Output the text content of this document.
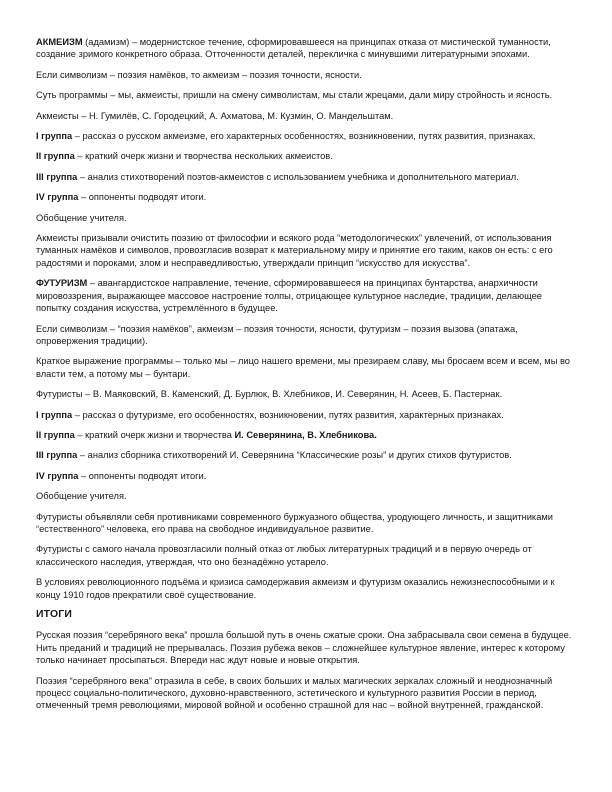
АКМЕИЗМ (адамизм) – модернистское течение, сформировавшееся на принципах отказа от мистической туманности, создание зримого конкретного образа. Отточенности деталей, перекличка с минувшими литературными эпохами.

Если символизм – поэзия намёков, то акмеизм – поэзия точности, ясности.

Суть программы – мы, акмеисты, пришли на смену символистам, мы стали жрецами, дали миру стройность и ясность.

Акмеисты – Н. Гумилёв, С. Городецкий, А. Ахматова, М. Кузмин, О. Мандельштам.

I группа – рассказ о русском акмеизме, его характерных особенностях, возникновении, путях развития, признаках.

II группа – краткий очерк жизни и творчества нескольких акмеистов.

III группа – анализ стихотворений поэтов-акмеистов с использованием учебника и дополнительного материал.

IV группа – оппоненты подводят итоги.

Обобщение учителя.

Акмеисты призывали очистить поэзию от философии и всякого рода “методологических” увлечений, от использования туманных намёков и символов, провозгласив возврат к материальному миру и принятие его таким, каков он есть: с его радостями и пороками, злом и несправедливостью, утверждали принцип “искусство для искусства”.

ФУТУРИЗМ – авангардистское направление, течение, сформировавшееся на принципах бунтарства, анархичности мировоззрения, выражающее массовое настроение толпы, отрицающее культурное наследие, традиции, делающее попытку создания искусства, устремлённого в будущее.

Если символизм – “поэзия намёков”, акмеизм – поэзия точности, ясности, футуризм – поэзия вызова (эпатажа, опровержения традиции).

Краткое выражение программы – только мы – лицо нашего времени, мы презираем славу, мы бросаем всем и всем, мы во власти тем, а потому мы – бунтари.

Футуристы – В. Маяковский, В. Каменский, Д. Бурлюк, В. Хлебников, И. Северянин, Н. Асеев, Б. Пастернак.

I группа – рассказ о футуризме, его особенностях, возникновении, путях развития, характерных признаках.

II группа – краткий очерк жизни и творчества И. Северянина, В. Хлебникова.

III группа – анализ сборника стихотворений И. Северянина “Классические розы” и других стихов футуристов.

IV группа – оппоненты подводят итоги.

Обобщение учителя.

Футуристы объявляли себя противниками современного буржуазного общества, уродующего личность, и защитниками “естественного” человека, его права на свободное индивидуальное развитие.

Футуристы с самого начала провозгласили полный отказ от любых литературных традиций и в первую очередь от классического наследия, утверждая, что оно безнадёжно устарело.

В условиях революционного подъёма и кризиса самодержавия акмеизм и футуризм оказались нежизнеспособными и к концу 1910 годов прекратили своё существование.

ИТОГИ

Русская поэзия “серебряного века” прошла большой путь в очень сжатые сроки. Она забрасывала свои семена в будущее. Нить преданий и традиций не прерывалась. Поэзия рубежа веков – сложнейшее культурное явление, интерес к которому только начинает просыпаться. Впереди нас ждут новые и новые открытия.

Поэзия “серебряного века” отразила в себе, в своих больших и малых магических зеркалах сложный и неоднозначный процесс социально-политического, духовно-нравственного, эстетического и культурного развития России в период, отмеченный тремя революциями, мировой войной и особенно страшной для нас – войной внутренней, гражданской.
